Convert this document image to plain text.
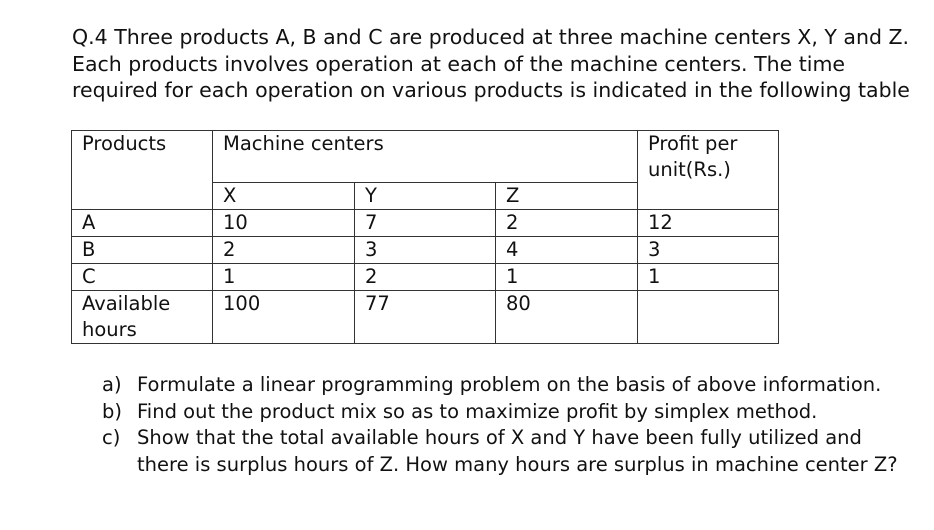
Q.4 Three products A, B and C are produced at three machine centers X, Y and Z. Each products involves operation at each of the machine centers. The time required for each operation on various products is indicated in the following table

Products	Machine centers			Profit per unit(Rs.)
	X	Y	Z	
A	10	7	2	12
B	2	3	4	3
C	1	2	1	1
Available hours	100	77	80	
a) Formulate a linear programming problem on the basis of above information.
b) Find out the product mix so as to maximize profit by simplex method.
c) Show that the total available hours of X and Y have been fully utilized and there is surplus hours of Z. How many hours are surplus in machine center Z?
